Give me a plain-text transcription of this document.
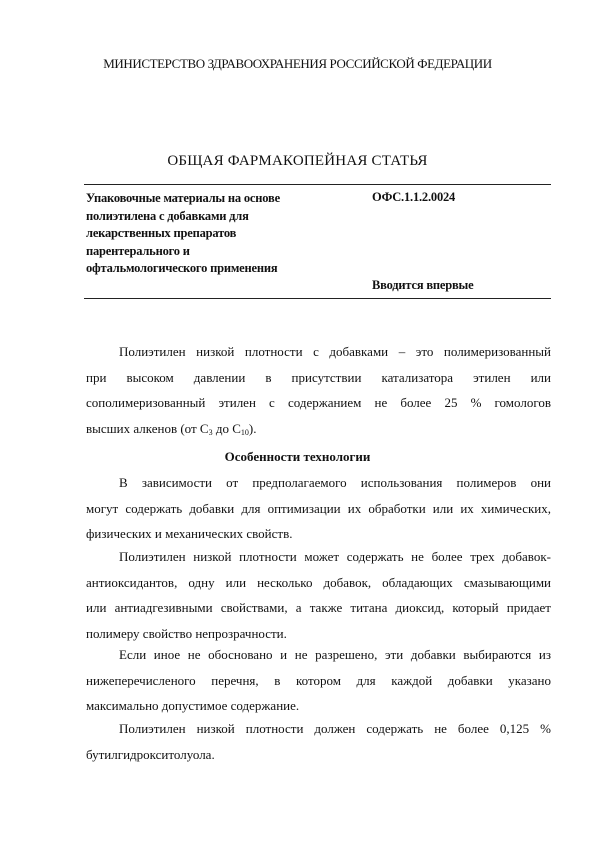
МИНИСТЕРСТВО ЗДРАВООХРАНЕНИЯ РОССИЙСКОЙ ФЕДЕРАЦИИ
ОБЩАЯ ФАРМАКОПЕЙНАЯ СТАТЬЯ
Упаковочные материалы на основе
полиэтилена с добавками для
лекарственных препаратов
парентерального и
офтальмологического применения
ОФС.1.1.2.0024
Вводится впервые
Полиэтилен низкой плотности с добавками – это полимеризованный
при высоком давлении в присутствии катализатора этилен или
сополимеризованный этилен с содержанием не более 25 % гомологов
высших алкенов (от $С_3$ до $С_{10}$).
Особенности технологии
В зависимости от предполагаемого использования полимеров они
могут содержать добавки для оптимизации их обработки или их химических,
физических и механических свойств.
Полиэтилен низкой плотности может содержать не более трех добавок-
антиоксидантов, одну или несколько добавок, обладающих смазывающими
или антиадгезивными свойствами, а также титана диоксид, который придает
полимеру свойство непрозрачности.
Если иное не обосновано и не разрешено, эти добавки выбираются из
нижеперечисленого перечня, в котором для каждой добавки указано
максимально допустимое содержание.
Полиэтилен низкой плотности должен содержать не более 0,125 %
бутилгидрокситолуола.
